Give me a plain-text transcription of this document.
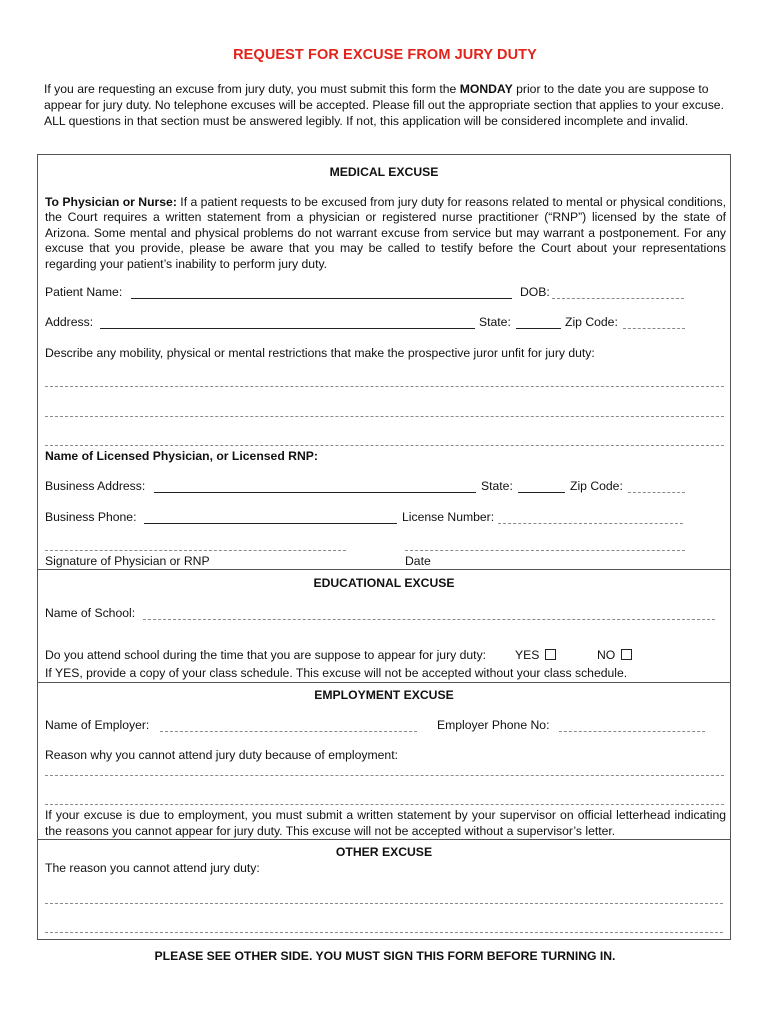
REQUEST FOR EXCUSE FROM JURY DUTY
If you are requesting an excuse from jury duty, you must submit this form the MONDAY prior to the date you are suppose to appear for jury duty. No telephone excuses will be accepted. Please fill out the appropriate section that applies to your excuse. ALL questions in that section must be answered legibly. If not, this application will be considered incomplete and invalid.
MEDICAL EXCUSE
To Physician or Nurse: If a patient requests to be excused from jury duty for reasons related to mental or physical conditions, the Court requires a written statement from a physician or registered nurse practitioner (“RNP”) licensed by the state of Arizona. Some mental and physical problems do not warrant excuse from service but may warrant a postponement. For any excuse that you provide, please be aware that you may be called to testify before the Court about your representations regarding your patient’s inability to perform jury duty.
Patient Name:	DOB:
Address:	State:	Zip Code:
Describe any mobility, physical or mental restrictions that make the prospective juror unfit for jury duty:
Name of Licensed Physician, or Licensed RNP:
Business Address:	State:	Zip Code:
Business Phone:	License Number:
Signature of Physician or RNP	Date
EDUCATIONAL EXCUSE
Name of School:
Do you attend school during the time that you are suppose to appear for jury duty: YES	NO
If YES, provide a copy of your class schedule. This excuse will not be accepted without your class schedule.
EMPLOYMENT EXCUSE
Name of Employer:	Employer Phone No:
Reason why you cannot attend jury duty because of employment:
If your excuse is due to employment, you must submit a written statement by your supervisor on official letterhead indicating the reasons you cannot appear for jury duty. This excuse will not be accepted without a supervisor’s letter.
OTHER EXCUSE
The reason you cannot attend jury duty:
PLEASE SEE OTHER SIDE. YOU MUST SIGN THIS FORM BEFORE TURNING IN.
